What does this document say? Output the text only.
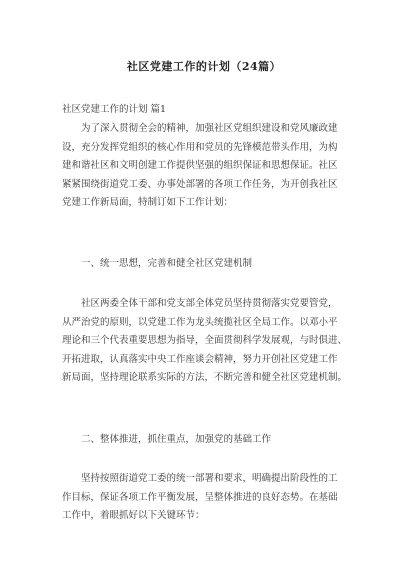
社区党建工作的计划（24篇）
社区党建工作的计划 篇1
为了深入贯彻全会的精神，加强社区党组织建设和党风廉政建
设，充分发挥党组织的核心作用和党员的先锋模范带头作用，为构
建和谐社区和文明创建工作提供坚强的组织保证和思想保证。社区
紧紧围绕街道党工委、办事处部署的各项工作任务，为开创我社区
党建工作新局面，特制订如下工作计划：
一、统一思想，完善和健全社区党建机制
社区两委全体干部和党支部全体党员坚持贯彻落实党要管党，
从严治党的原则，以党建工作为龙头统揽社区全局工作。以邓小平
理论和三个代表重要思想为指导，全面贯彻科学发展观，与时俱进、
开拓进取，认真落实中央工作座谈会精神，努力开创社区党建工作
新局面，坚持理论联系实际的方法，不断完善和健全社区党建机制。
二、整体推进，抓住重点，加强党的基础工作
坚持按照街道党工委的统一部署和要求，明确提出阶段性的工
作目标，保证各项工作平衡发展，呈整体推进的良好态势。在基础
工作中，着眼抓好以下关键环节：
